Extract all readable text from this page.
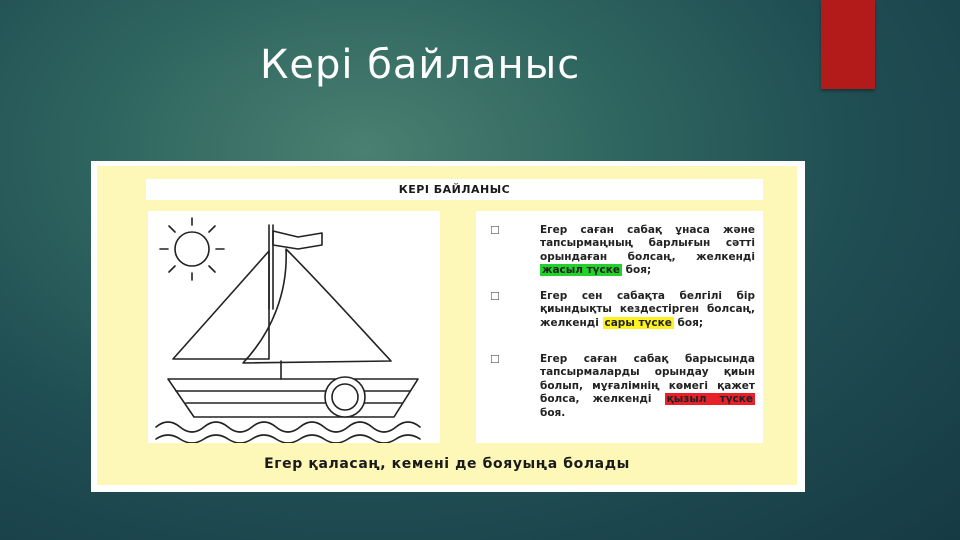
Кері байланыс
КЕРІ БАЙЛАНЫС
☐	Егер саған сабақ ұнаса және тапсырмаңның барлығын сәтті орындаған болсаң, желкенді жасыл түске боя;
☐	Егер сен сабақта белгілі бір қиындықты кездестірген болсаң, желкенді сары түске боя;
☐	Егер саған сабақ барысында тапсырмаларды орындау қиын болып, мұғалімнің көмегі қажет болса, желкенді қызыл түске боя.
Егер қаласаң, кемені де бояуыңа болады
